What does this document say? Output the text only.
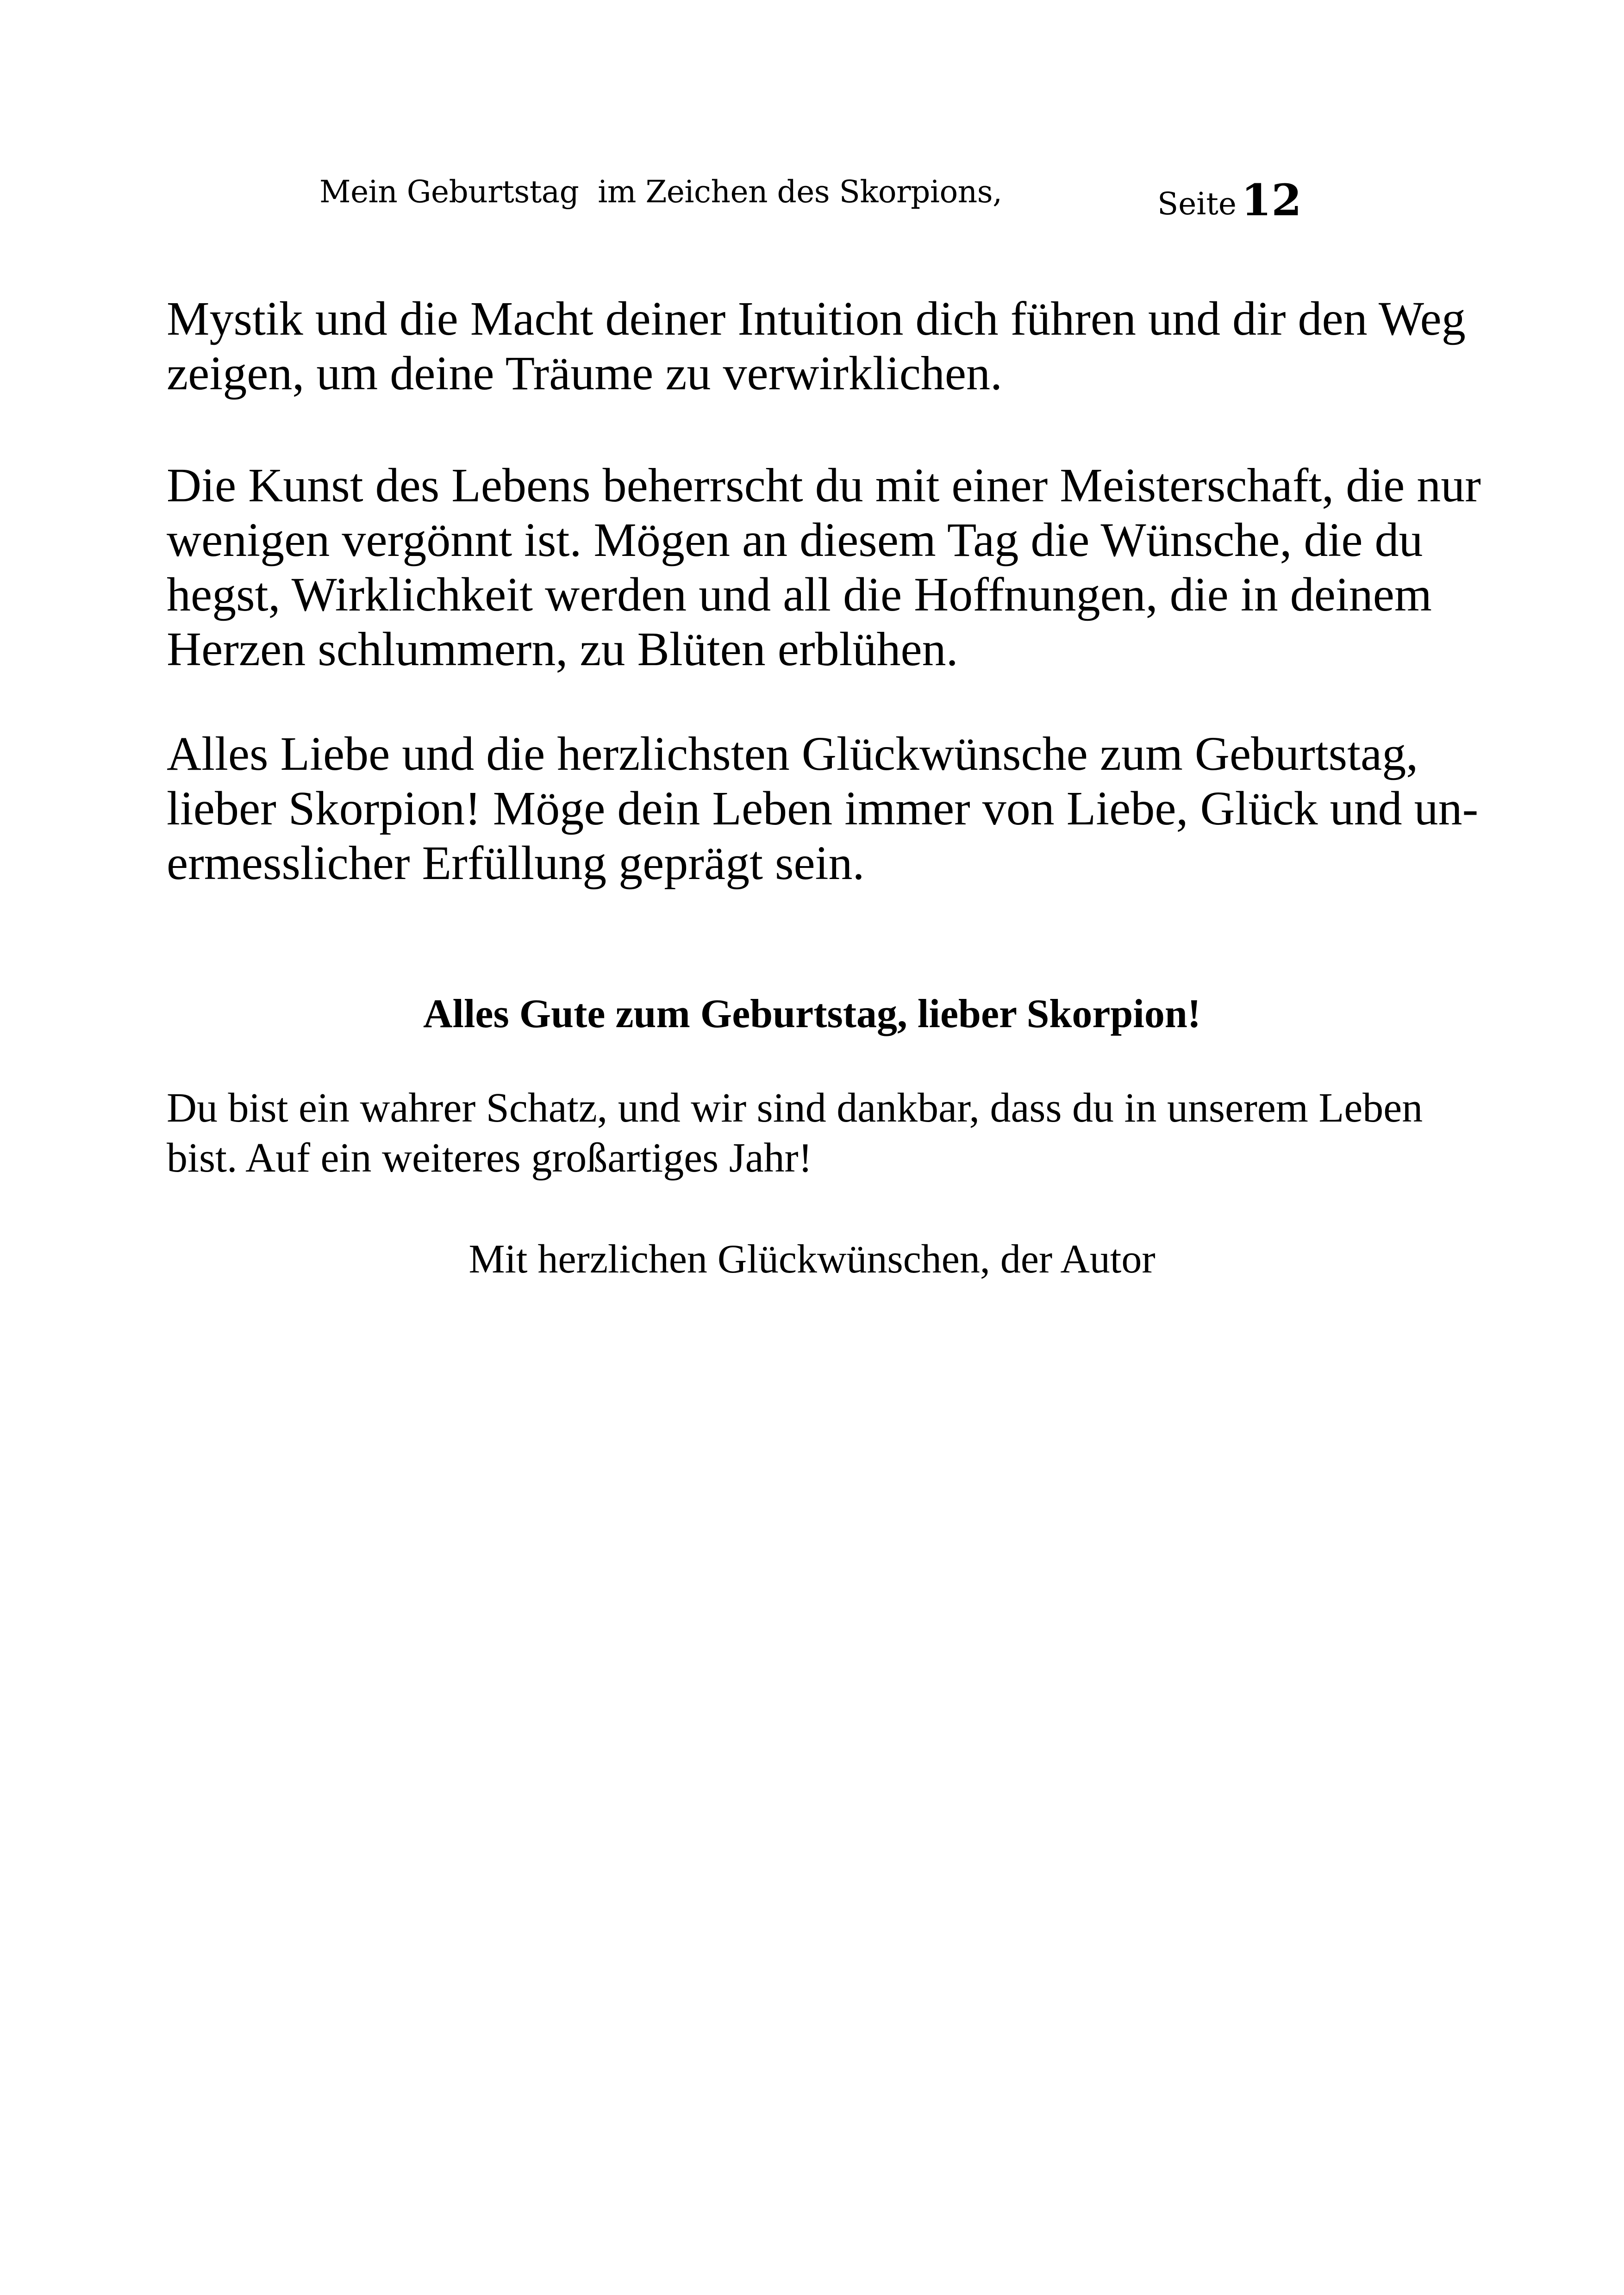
Mein Geburtstag  im Zeichen des Skorpions,	Seite 12

Mystik und die Macht deiner Intuition dich führen und dir den Weg
zeigen, um deine Träume zu verwirklichen.

Die Kunst des Lebens beherrscht du mit einer Meisterschaft, die nur
wenigen vergönnt ist. Mögen an diesem Tag die Wünsche, die du
hegst, Wirklichkeit werden und all die Hoffnungen, die in deinem
Herzen schlummern, zu Blüten erblühen.

Alles Liebe und die herzlichsten Glückwünsche zum Geburtstag,
lieber Skorpion! Möge dein Leben immer von Liebe, Glück und un-
ermesslicher Erfüllung geprägt sein.

Alles Gute zum Geburtstag, lieber Skorpion!

Du bist ein wahrer Schatz, und wir sind dankbar, dass du in unserem Leben
bist. Auf ein weiteres großartiges Jahr!

Mit herzlichen Glückwünschen, der Autor
